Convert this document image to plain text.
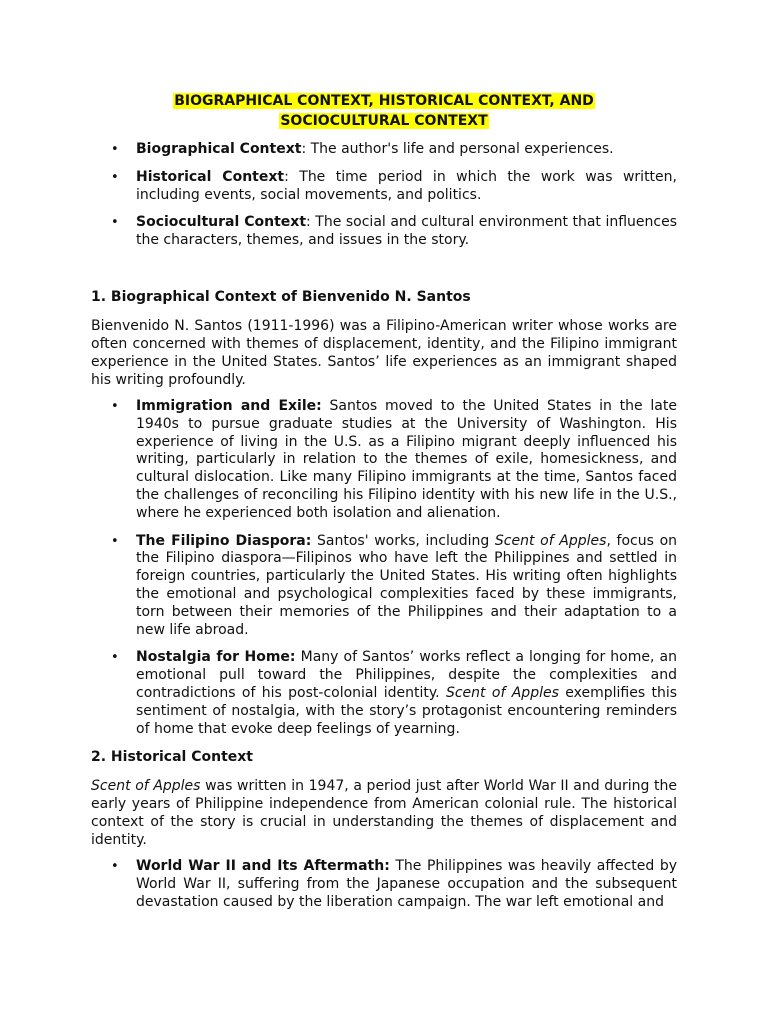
BIOGRAPHICAL CONTEXT, HISTORICAL CONTEXT, AND
SOCIOCULTURAL CONTEXT
• Biographical Context: The author's life and personal experiences.
• Historical Context: The time period in which the work was written, including events, social movements, and politics.
• Sociocultural Context: The social and cultural environment that influences the characters, themes, and issues in the story.
1. Biographical Context of Bienvenido N. Santos

Bienvenido N. Santos (1911-1996) was a Filipino-American writer whose works are often concerned with themes of displacement, identity, and the Filipino immigrant experience in the United States. Santos’ life experiences as an immigrant shaped his writing profoundly.

• Immigration and Exile: Santos moved to the United States in the late 1940s to pursue graduate studies at the University of Washington. His experience of living in the U.S. as a Filipino migrant deeply influenced his writing, particularly in relation to the themes of exile, homesickness, and cultural dislocation. Like many Filipino immigrants at the time, Santos faced the challenges of reconciling his Filipino identity with his new life in the U.S., where he experienced both isolation and alienation.
• The Filipino Diaspora: Santos' works, including Scent of Apples, focus on the Filipino diaspora—Filipinos who have left the Philippines and settled in foreign countries, particularly the United States. His writing often highlights the emotional and psychological complexities faced by these immigrants, torn between their memories of the Philippines and their adaptation to a new life abroad.
• Nostalgia for Home: Many of Santos’ works reflect a longing for home, an emotional pull toward the Philippines, despite the complexities and contradictions of his post-colonial identity. Scent of Apples exemplifies this sentiment of nostalgia, with the story’s protagonist encountering reminders of home that evoke deep feelings of yearning.
2. Historical Context

Scent of Apples was written in 1947, a period just after World War II and during the early years of Philippine independence from American colonial rule. The historical context of the story is crucial in understanding the themes of displacement and identity.

• World War II and Its Aftermath: The Philippines was heavily affected by World War II, suffering from the Japanese occupation and the subsequent devastation caused by the liberation campaign. The war left emotional and
